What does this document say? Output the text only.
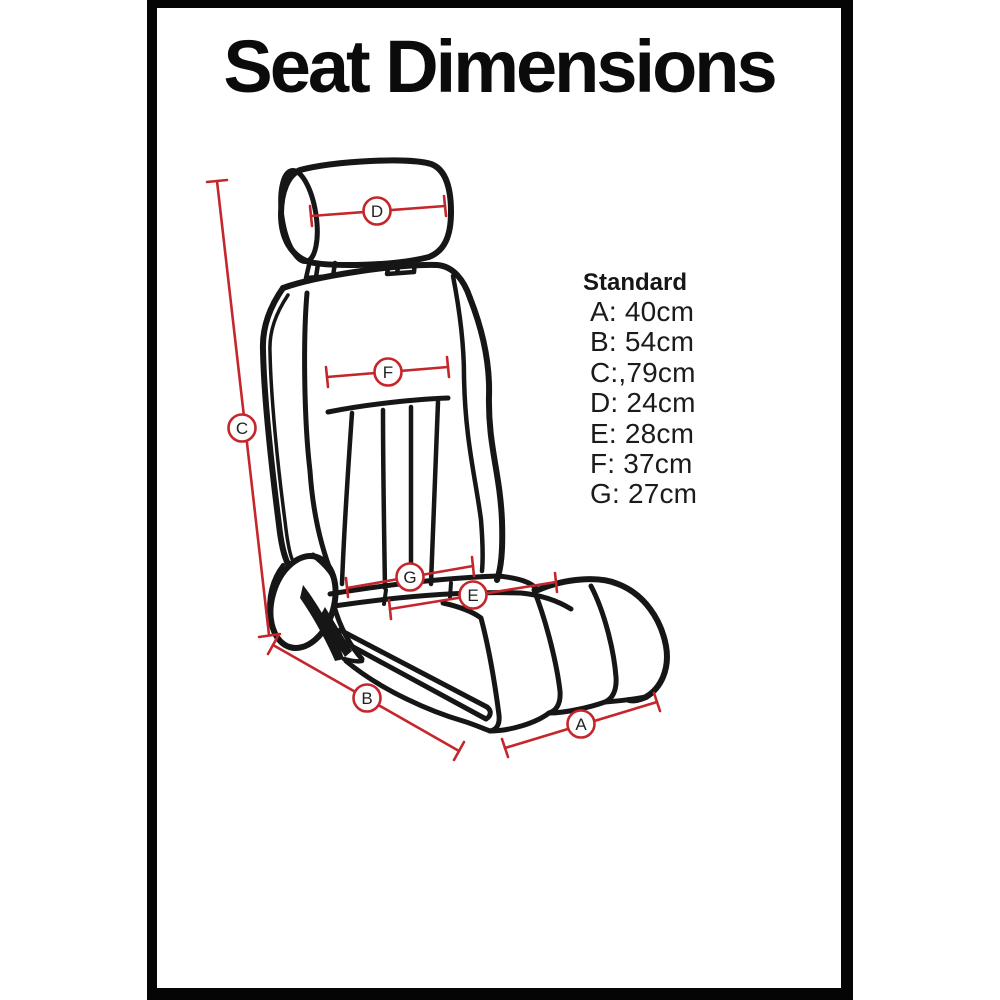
Seat Dimensions
Standard
A: 40cm
B: 54cm
C:,79cm
D: 24cm
E: 28cm
F: 37cm
G: 27cm
D
F
C
G
E
B
A
